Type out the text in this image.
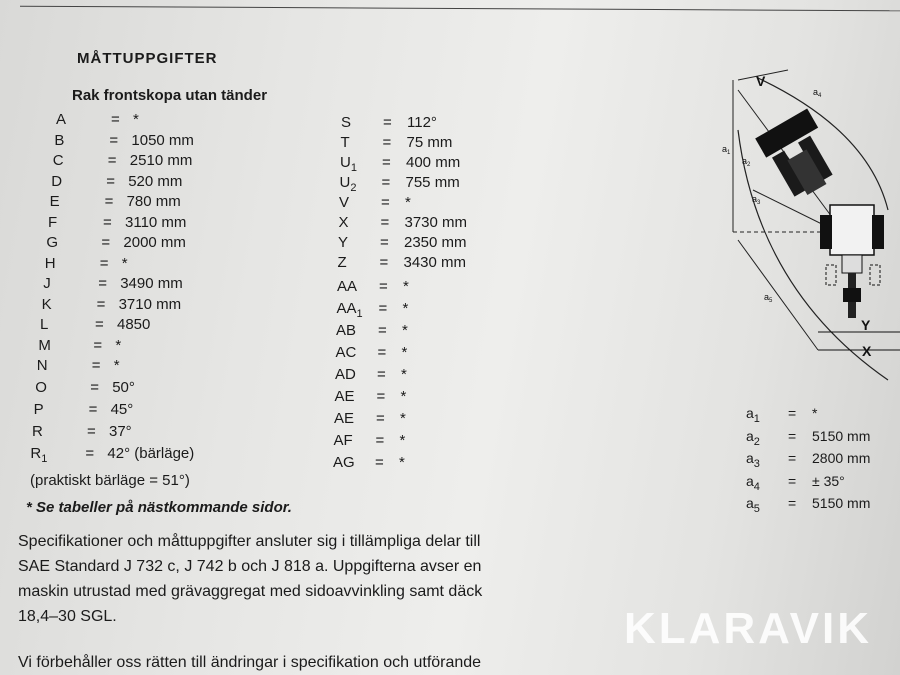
MÅTTUPPGIFTER
Rak frontskopa utan tänder
A	= *
B	= 1050 mm
C	= 2510 mm
D	= 520 mm
E	= 780 mm
F	= 3110 mm
G	= 2000 mm
H	= *
J	= 3490 mm
K	= 3710 mm
L	= 4850
M	= *
N	= *
O	= 50°
P	= 45°
R	= 37°
$R_1$	= 42° (bärläge)
S = 112°
T = 75 mm
$U_1 = 400$ mm
$U_2 = 755$ mm
V = *
X = 3730 mm
Y = 2350 mm
Z = 3430 mm
AA = *
$AA_1$ = *
AB = *
AC = *
AD = *
AE = *
AE = *
AF = *
AG = *
$a_1$ = *
$a_2 = 5150$ mm
$a_3 = 2800$ mm
$a_4$ = ± 35°
$a_5 = 5150$ mm
(praktiskt bärläge = 51°)
* Se tabeller på nästkommande sidor.
Specifikationer och måttuppgifter ansluter sig i tillämpliga delar till
SAE Standard J 732 c, J 742 b och J 818 a. Uppgifterna avser en
maskin utrustad med grävaggregat med sidoavvinkling samt däck
18,4–30 SGL.
Vi förbehåller oss rätten till ändringar i specifikation och utförande
V
$a_4$
$a_1$
$a_2$
$a_3$
$a_5$
Y
X
KLARAVIK
